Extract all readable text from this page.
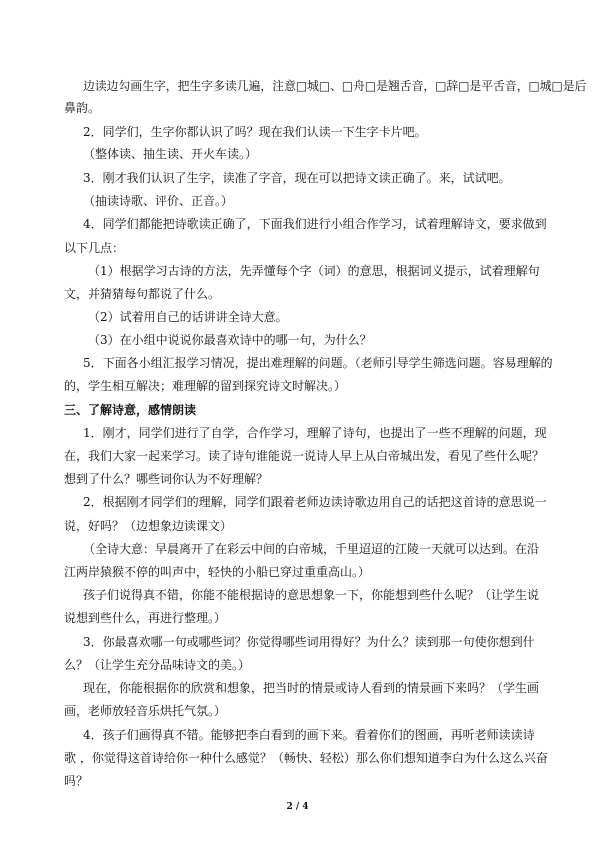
边读边勾画生字，把生字多读几遍，注意□城□、□舟□是翘舌音，□辞□是平舌音，□城□是后

鼻韵。

2．同学们，生字你都认识了吗？现在我们认读一下生字卡片吧。

（整体读、抽生读、开火车读。）

3．刚才我们认识了生字，读准了字音，现在可以把诗文读正确了。来，试试吧。

（抽读诗歌、评价、正音。）

4．同学们都能把诗歌读正确了，下面我们进行小组合作学习，试着理解诗文，要求做到

以下几点：

（1）根据学习古诗的方法，先弄懂每个字（词）的意思，根据词义提示，试着理解句

文，并猜猜每句都说了什么。

（2）试着用自己的话讲讲全诗大意。

（3）在小组中说说你最喜欢诗中的哪一句，为什么？

5．下面各小组汇报学习情况，提出难理解的问题。（老师引导学生筛选问题。容易理解的

的，学生相互解决；难理解的留到探究诗文时解决。）

三、了解诗意，感情朗读

1．刚才，同学们进行了自学，合作学习，理解了诗句，也提出了一些不理解的问题，现

在，我们大家一起来学习。读了诗句谁能说一说诗人早上从白帝城出发，看见了些什么呢？

想到了什么？哪些词你认为不好理解？

2．根据刚才同学们的理解，同学们跟着老师边读诗歌边用自己的话把这首诗的意思说一

说，好吗？（边想象边读课文）

（全诗大意：早晨离开了在彩云中间的白帝城，千里迢迢的江陵一天就可以达到。在沿

江两岸猿猴不停的叫声中，轻快的小船已穿过重重高山。）

孩子们说得真不错，你能不能根据诗的意思想象一下，你能想到些什么呢？（让学生说

说想到些什么，再进行整理。）

3．你最喜欢哪一句或哪些词？你觉得哪些词用得好？为什么？读到那一句使你想到什

么？（让学生充分品味诗文的美。）

现在，你能根据你的欣赏和想象，把当时的情景或诗人看到的情景画下来吗？（学生画

画，老师放轻音乐烘托气氛。）

4．孩子们画得真不错。能够把李白看到的画下来。看着你们的图画，再听老师读读诗

歌 ，你觉得这首诗给你一种什么感觉？（畅快、轻松）那么你们想知道李白为什么这么兴奋

吗？

2 / 4
